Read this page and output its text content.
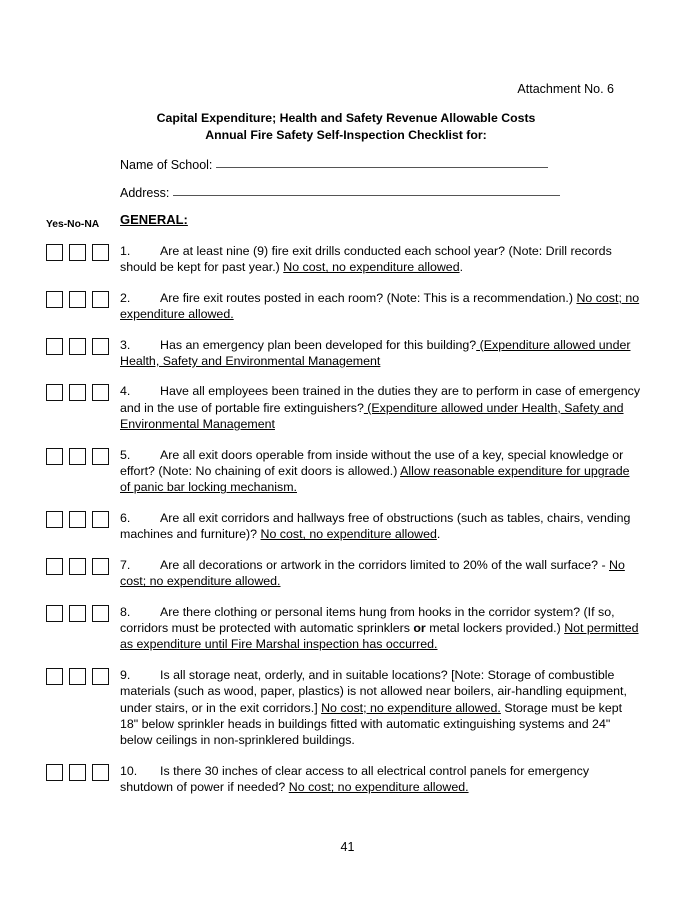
Attachment No. 6
Capital Expenditure; Health and Safety Revenue Allowable Costs
Annual Fire Safety Self-Inspection Checklist for:
Name of School:
Address:
Yes-No-NA GENERAL:
1. Are at least nine (9) fire exit drills conducted each school year? (Note: Drill records should be kept for past year.) No cost, no expenditure allowed.
2. Are fire exit routes posted in each room? (Note: This is a recommendation.) No cost; no expenditure allowed.
3. Has an emergency plan been developed for this building? (Expenditure allowed under Health, Safety and Environmental Management
4. Have all employees been trained in the duties they are to perform in case of emergency and in the use of portable fire extinguishers? (Expenditure allowed under Health, Safety and Environmental Management
5. Are all exit doors operable from inside without the use of a key, special knowledge or effort? (Note: No chaining of exit doors is allowed.) Allow reasonable expenditure for upgrade of panic bar locking mechanism.
6. Are all exit corridors and hallways free of obstructions (such as tables, chairs, vending machines and furniture)? No cost, no expenditure allowed.
7. Are all decorations or artwork in the corridors limited to 20% of the wall surface? - No cost; no expenditure allowed.
8. Are there clothing or personal items hung from hooks in the corridor system? (If so, corridors must be protected with automatic sprinklers or metal lockers provided.) Not permitted as expenditure until Fire Marshal inspection has occurred.
9. Is all storage neat, orderly, and in suitable locations? [Note: Storage of combustible materials (such as wood, paper, plastics) is not allowed near boilers, air-handling equipment, under stairs, or in the exit corridors.] No cost; no expenditure allowed. Storage must be kept 18" below sprinkler heads in buildings fitted with automatic extinguishing systems and 24" below ceilings in non-sprinklered buildings.
10. Is there 30 inches of clear access to all electrical control panels for emergency shutdown of power if needed? No cost; no expenditure allowed.
41
